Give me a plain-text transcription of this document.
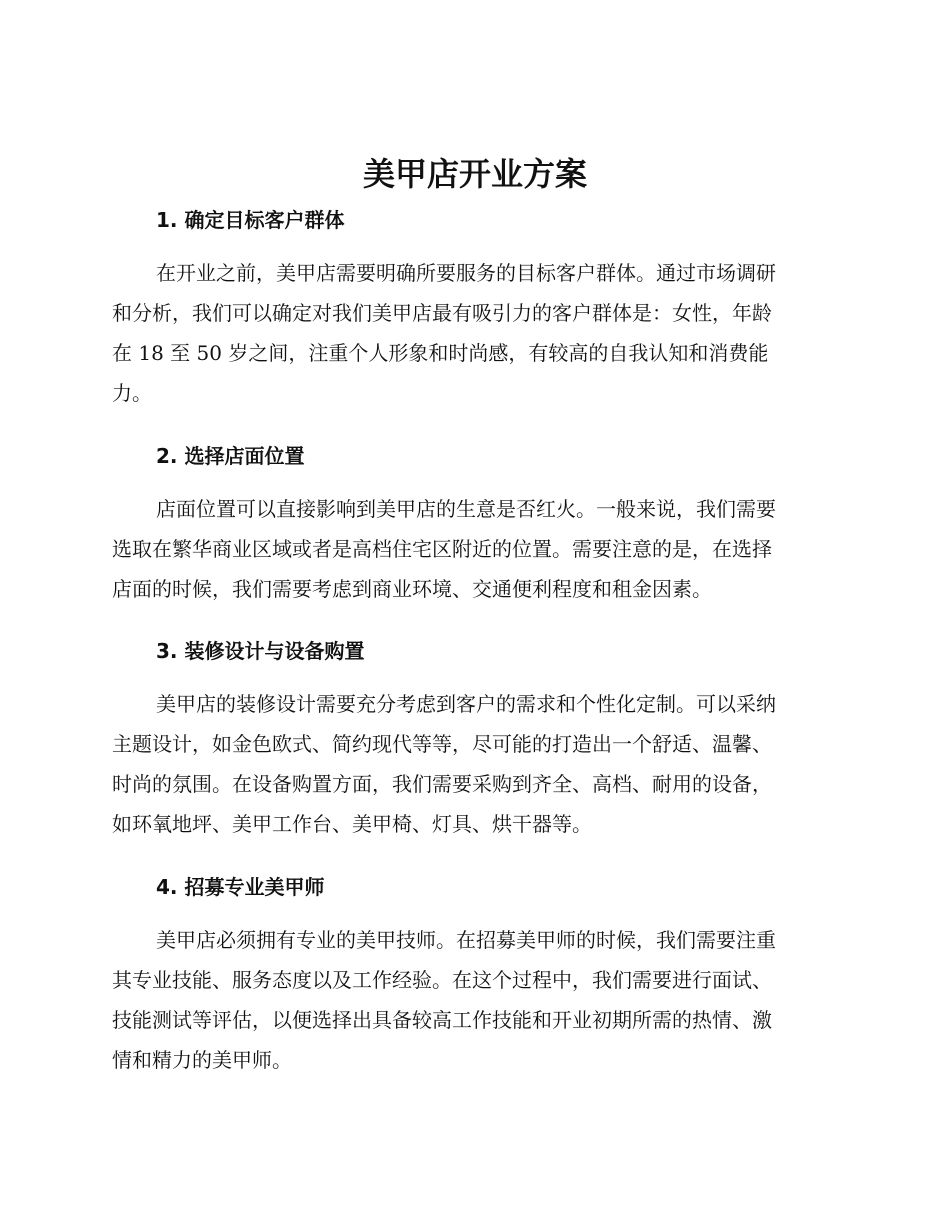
美甲店开业方案
1. 确定目标客户群体

在开业之前，美甲店需要明确所要服务的目标客户群体。通过市场调研
和分析，我们可以确定对我们美甲店最有吸引力的客户群体是：女性，年龄
在 18 至 50 岁之间，注重个人形象和时尚感，有较高的自我认知和消费能
力。

2. 选择店面位置

店面位置可以直接影响到美甲店的生意是否红火。一般来说，我们需要
选取在繁华商业区域或者是高档住宅区附近的位置。需要注意的是，在选择
店面的时候，我们需要考虑到商业环境、交通便利程度和租金因素。

3. 装修设计与设备购置

美甲店的装修设计需要充分考虑到客户的需求和个性化定制。可以采纳
主题设计，如金色欧式、简约现代等等，尽可能的打造出一个舒适、温馨、
时尚的氛围。在设备购置方面，我们需要采购到齐全、高档、耐用的设备，
如环氧地坪、美甲工作台、美甲椅、灯具、烘干器等。

4. 招募专业美甲师

美甲店必须拥有专业的美甲技师。在招募美甲师的时候，我们需要注重
其专业技能、服务态度以及工作经验。在这个过程中，我们需要进行面试、
技能测试等评估，以便选择出具备较高工作技能和开业初期所需的热情、激
情和精力的美甲师。
